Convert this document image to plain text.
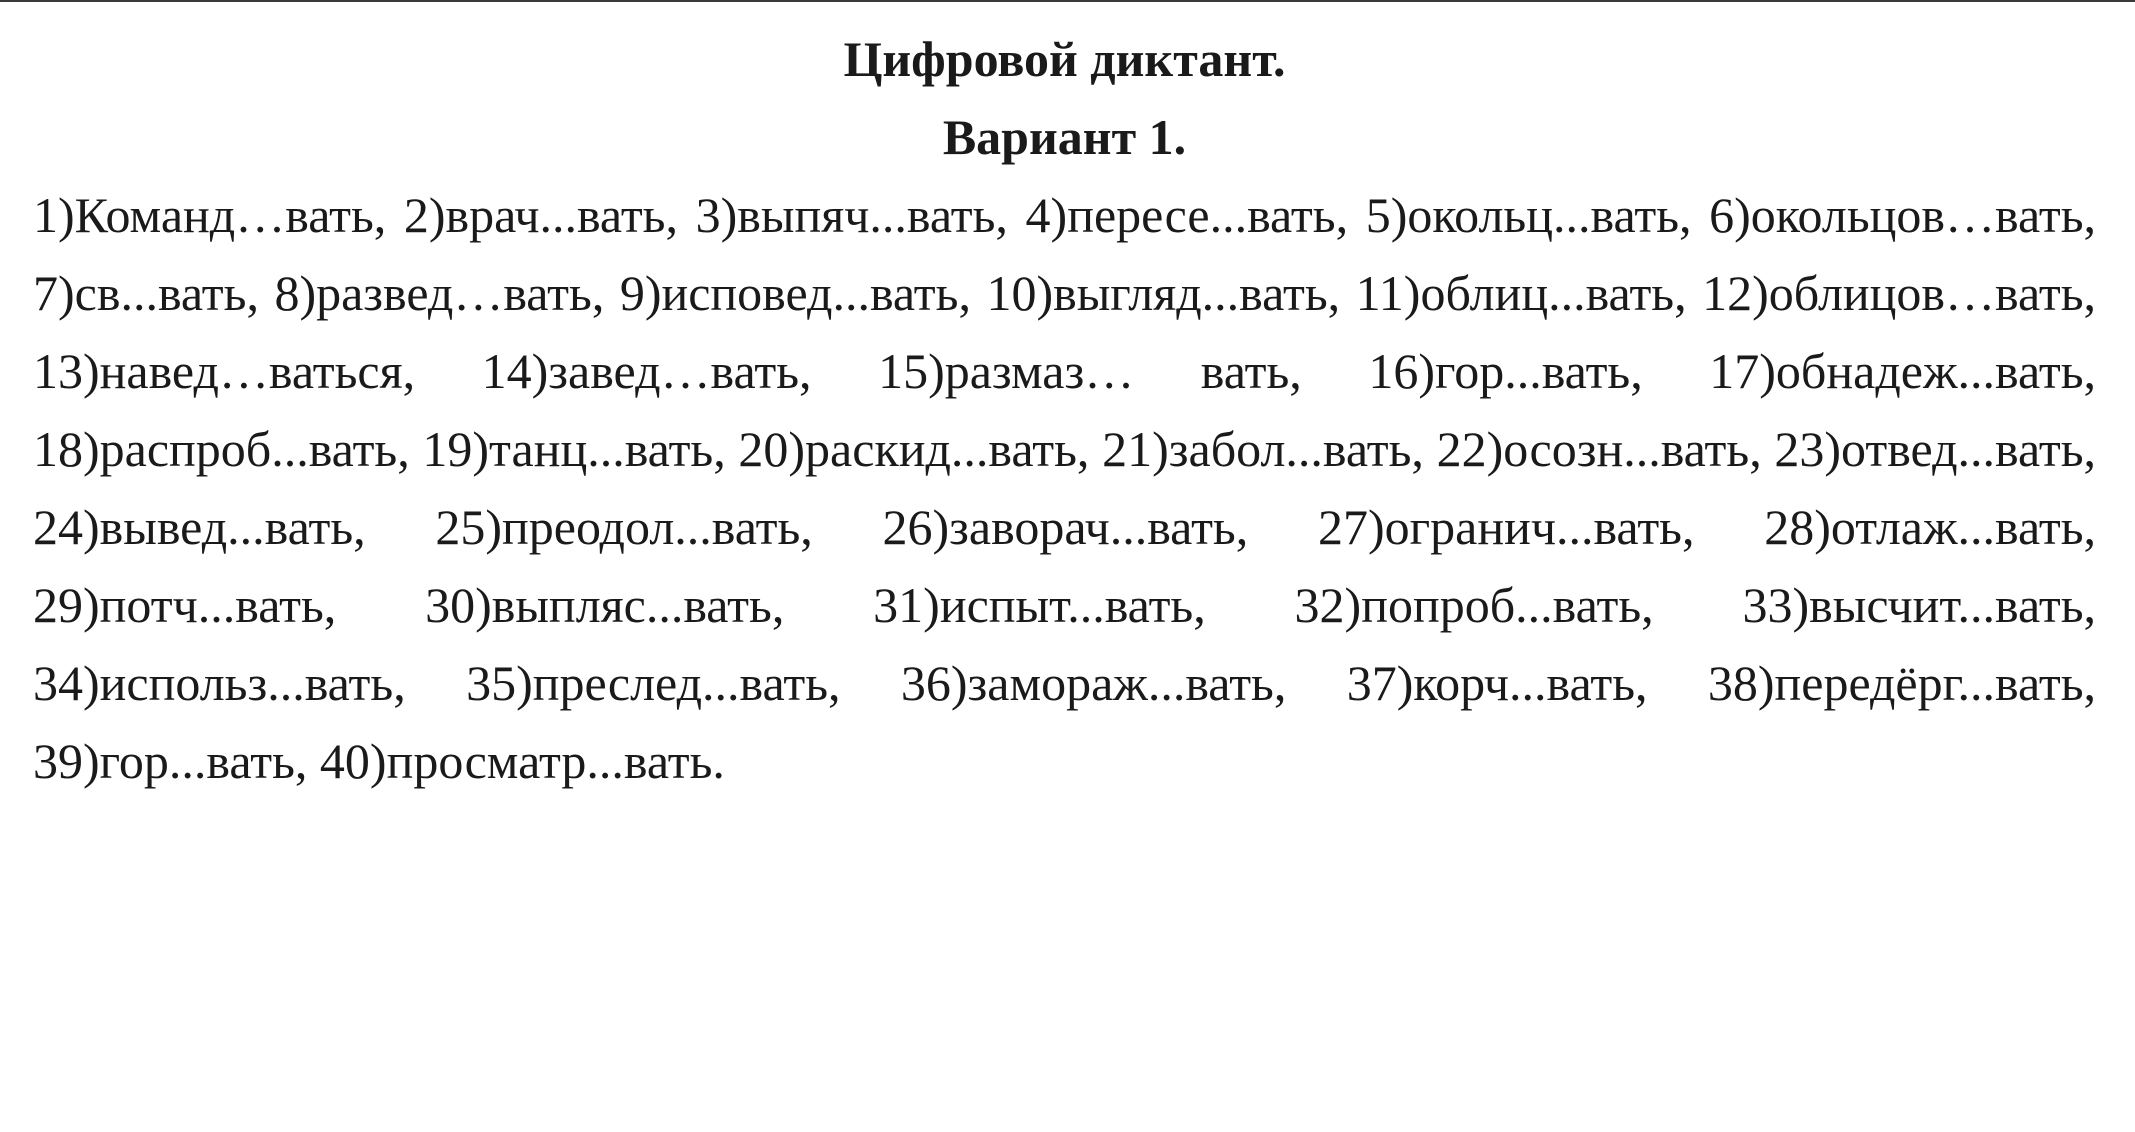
Цифровой диктант.
Вариант 1.

1)Команд…вать, 2)врач...вать, 3)выпяч...вать, 4)пересе...вать, 5)окольц...вать, 6)окольцов…вать, 7)св...вать, 8)развед…вать, 9)исповед...вать, 10)выгляд...вать, 11)облиц...вать, 12)облицов…вать, 13)навед…ваться, 14)завед…вать, 15)размаз… вать, 16)гор...вать, 17)обнадеж...вать, 18)распроб...вать, 19)танц...вать, 20)раскид...вать, 21)забол...вать, 22)осозн...вать, 23)отвед...вать, 24)вывед...вать, 25)преодол...вать, 26)заворач...вать, 27)огранич...вать, 28)отлаж...вать, 29)потч...вать, 30)выпляс...вать, 31)испыт...вать, 32)попроб...вать, 33)высчит...вать, 34)использ...вать, 35)преслед...вать, 36)замораж...вать, 37)корч...вать, 38)передёрг...вать, 39)гор...вать, 40)просматр...вать.
